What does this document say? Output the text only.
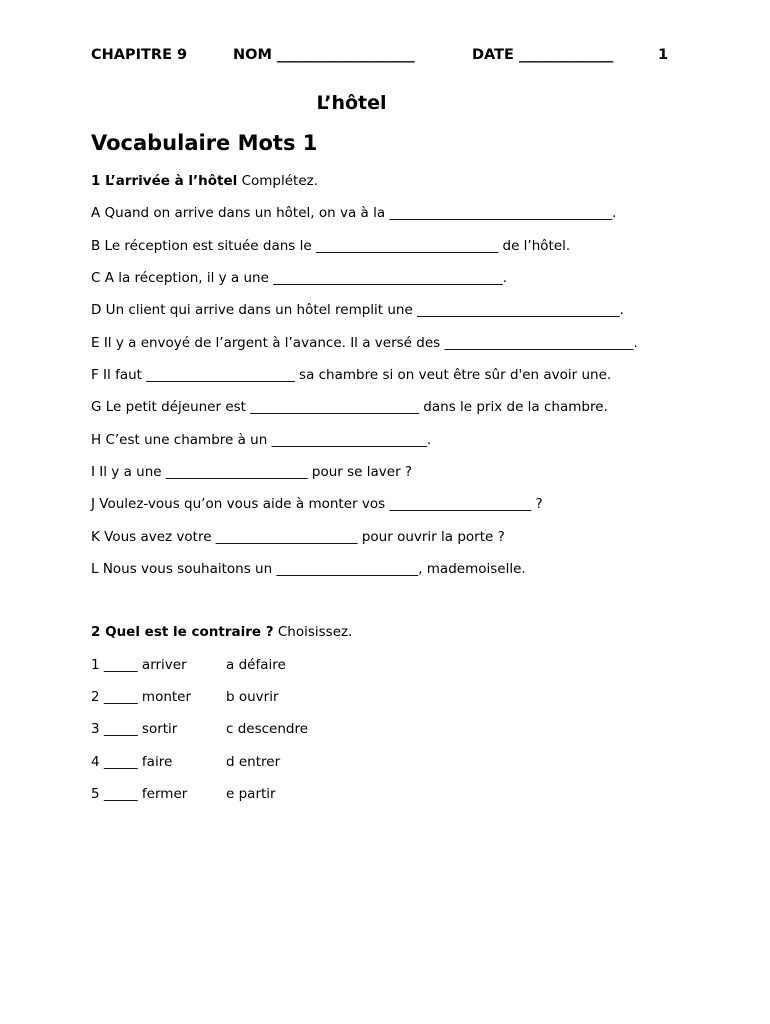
CHAPITRE 9	NOM ___________________	DATE _____________	1
L’hôtel
Vocabulaire Mots 1
1 L’arrivée à l’hôtel Complétez.
A Quand on arrive dans un hôtel, on va à la _________________________________.
B Le réception est située dans le ___________________________ de l’hôtel.
C A la réception, il y a une __________________________________.
D Un client qui arrive dans un hôtel remplit une ______________________________.
E Il y a envoyé de l’argent à l’avance. Il a versé des ____________________________.
F Il faut ______________________ sa chambre si on veut être sûr d'en avoir une.
G Le petit déjeuner est _________________________ dans le prix de la chambre.
H C’est une chambre à un _______________________.
I Il y a une _____________________ pour se laver ?
J Voulez-vous qu’on vous aide à monter vos _____________________ ?
K Vous avez votre _____________________ pour ouvrir la porte ?
L Nous vous souhaitons un _____________________, mademoiselle.
2 Quel est le contraire ? Choisissez.
1 _____ arriver	a défaire
2 _____ monter	b ouvrir
3 _____ sortir	c descendre
4 _____ faire	d entrer
5 _____ fermer	e partir
